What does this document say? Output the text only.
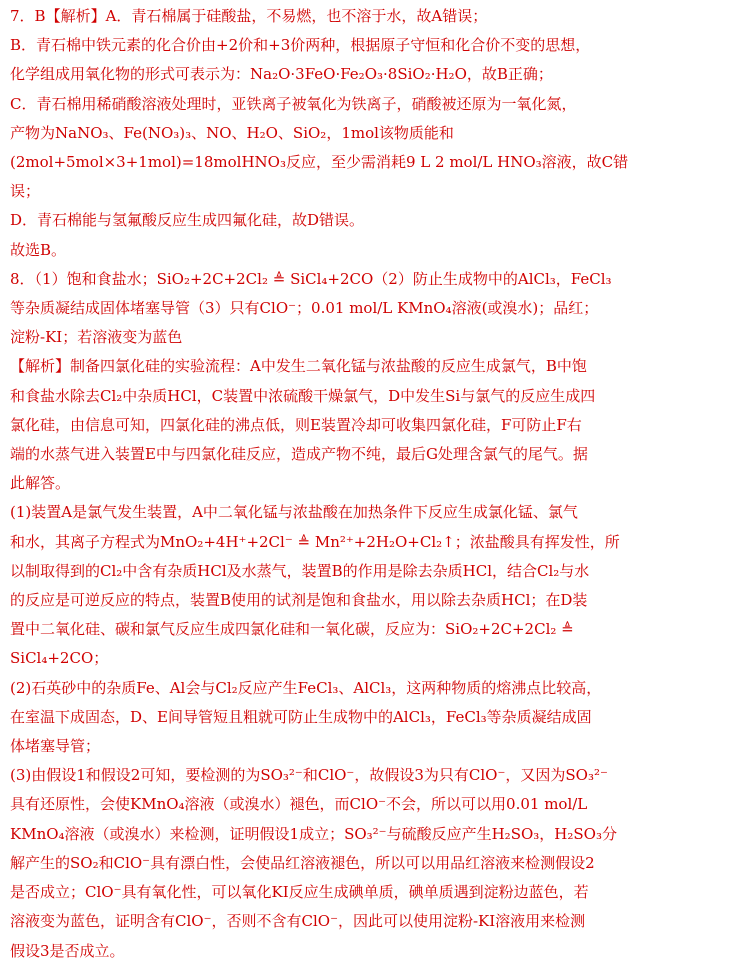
7．B【解析】A．青石棉属于硅酸盐，不易燃，也不溶于水，故A错误；

B．青石棉中铁元素的化合价由+2价和+3价两种，根据原子守恒和化合价不变的思想，

化学组成用氧化物的形式可表示为：Na₂O·3FeO·Fe₂O₃·8SiO₂·H₂O，故B正确；

C．青石棉用稀硝酸溶液处理时，亚铁离子被氧化为铁离子，硝酸被还原为一氧化氮，

产物为NaNO₃、Fe(NO₃)₃、NO、H₂O、SiO₂，1mol该物质能和

(2mol+5mol×3+1mol)=18molHNO₃反应，至少需消耗9 L 2 mol/L HNO₃溶液，故C错

误；

D．青石棉能与氢氟酸反应生成四氟化硅，故D错误。

故选B。

8．（1）饱和食盐水；SiO₂+2C+2Cl₂ ≜ SiCl₄+2CO（2）防止生成物中的AlCl₃，FeCl₃

等杂质凝结成固体堵塞导管（3）只有ClO⁻；0.01 mol/L KMnO₄溶液(或溴水)；品红；

淀粉-KI；若溶液变为蓝色

【解析】制备四氯化硅的实验流程：A中发生二氧化锰与浓盐酸的反应生成氯气，B中饱

和食盐水除去Cl₂中杂质HCl，C装置中浓硫酸干燥氯气，D中发生Si与氯气的反应生成四

氯化硅，由信息可知，四氯化硅的沸点低，则E装置冷却可收集四氯化硅，F可防止F右

端的水蒸气进入装置E中与四氯化硅反应，造成产物不纯，最后G处理含氯气的尾气。据

此解答。

(1)装置A是氯气发生装置，A中二氧化锰与浓盐酸在加热条件下反应生成氯化锰、氯气

和水，其离子方程式为MnO₂+4H⁺+2Cl⁻ ≜ Mn²⁺+2H₂O+Cl₂↑；浓盐酸具有挥发性，所

以制取得到的Cl₂中含有杂质HCl及水蒸气，装置B的作用是除去杂质HCl，结合Cl₂与水

的反应是可逆反应的特点，装置B使用的试剂是饱和食盐水，用以除去杂质HCl；在D装

置中二氧化硅、碳和氯气反应生成四氯化硅和一氧化碳，反应为：SiO₂+2C+2Cl₂ ≜

SiCl₄+2CO；

(2)石英砂中的杂质Fe、Al会与Cl₂反应产生FeCl₃、AlCl₃，这两种物质的熔沸点比较高，

在室温下成固态，D、E间导管短且粗就可防止生成物中的AlCl₃，FeCl₃等杂质凝结成固

体堵塞导管；

(3)由假设1和假设2可知，要检测的为SO₃²⁻和ClO⁻，故假设3为只有ClO⁻，又因为SO₃²⁻

具有还原性，会使KMnO₄溶液（或溴水）褪色，而ClO⁻不会，所以可以用0.01 mol/L

KMnO₄溶液（或溴水）来检测，证明假设1成立；SO₃²⁻与硫酸反应产生H₂SO₃，H₂SO₃分

解产生的SO₂和ClO⁻具有漂白性，会使品红溶液褪色，所以可以用品红溶液来检测假设2

是否成立；ClO⁻具有氧化性，可以氧化KI反应生成碘单质，碘单质遇到淀粉边蓝色，若

溶液变为蓝色，证明含有ClO⁻，否则不含有ClO⁻，因此可以使用淀粉-KI溶液用来检测

假设3是否成立。
